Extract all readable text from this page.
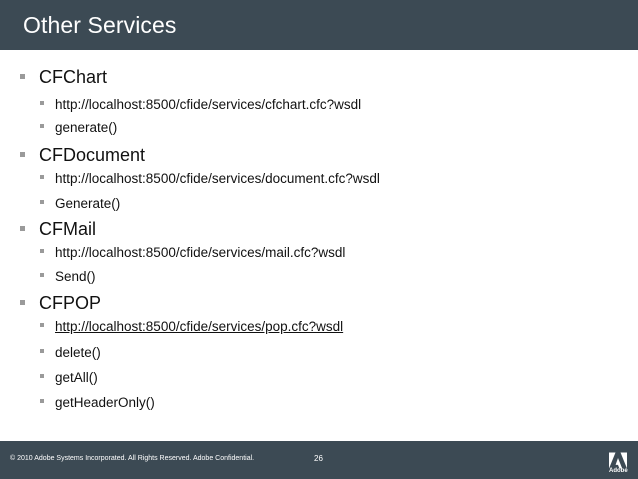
Other Services
CFChart
http://localhost:8500/cfide/services/cfchart.cfc?wsdl
generate()
CFDocument
http://localhost:8500/cfide/services/document.cfc?wsdl
Generate()
CFMail
http://localhost:8500/cfide/services/mail.cfc?wsdl
Send()
CFPOP
http://localhost:8500/cfide/services/pop.cfc?wsdl
delete()
getAll()
getHeaderOnly()
© 2010 Adobe Systems Incorporated. All Rights Reserved. Adobe Confidential.	26
Adobe
